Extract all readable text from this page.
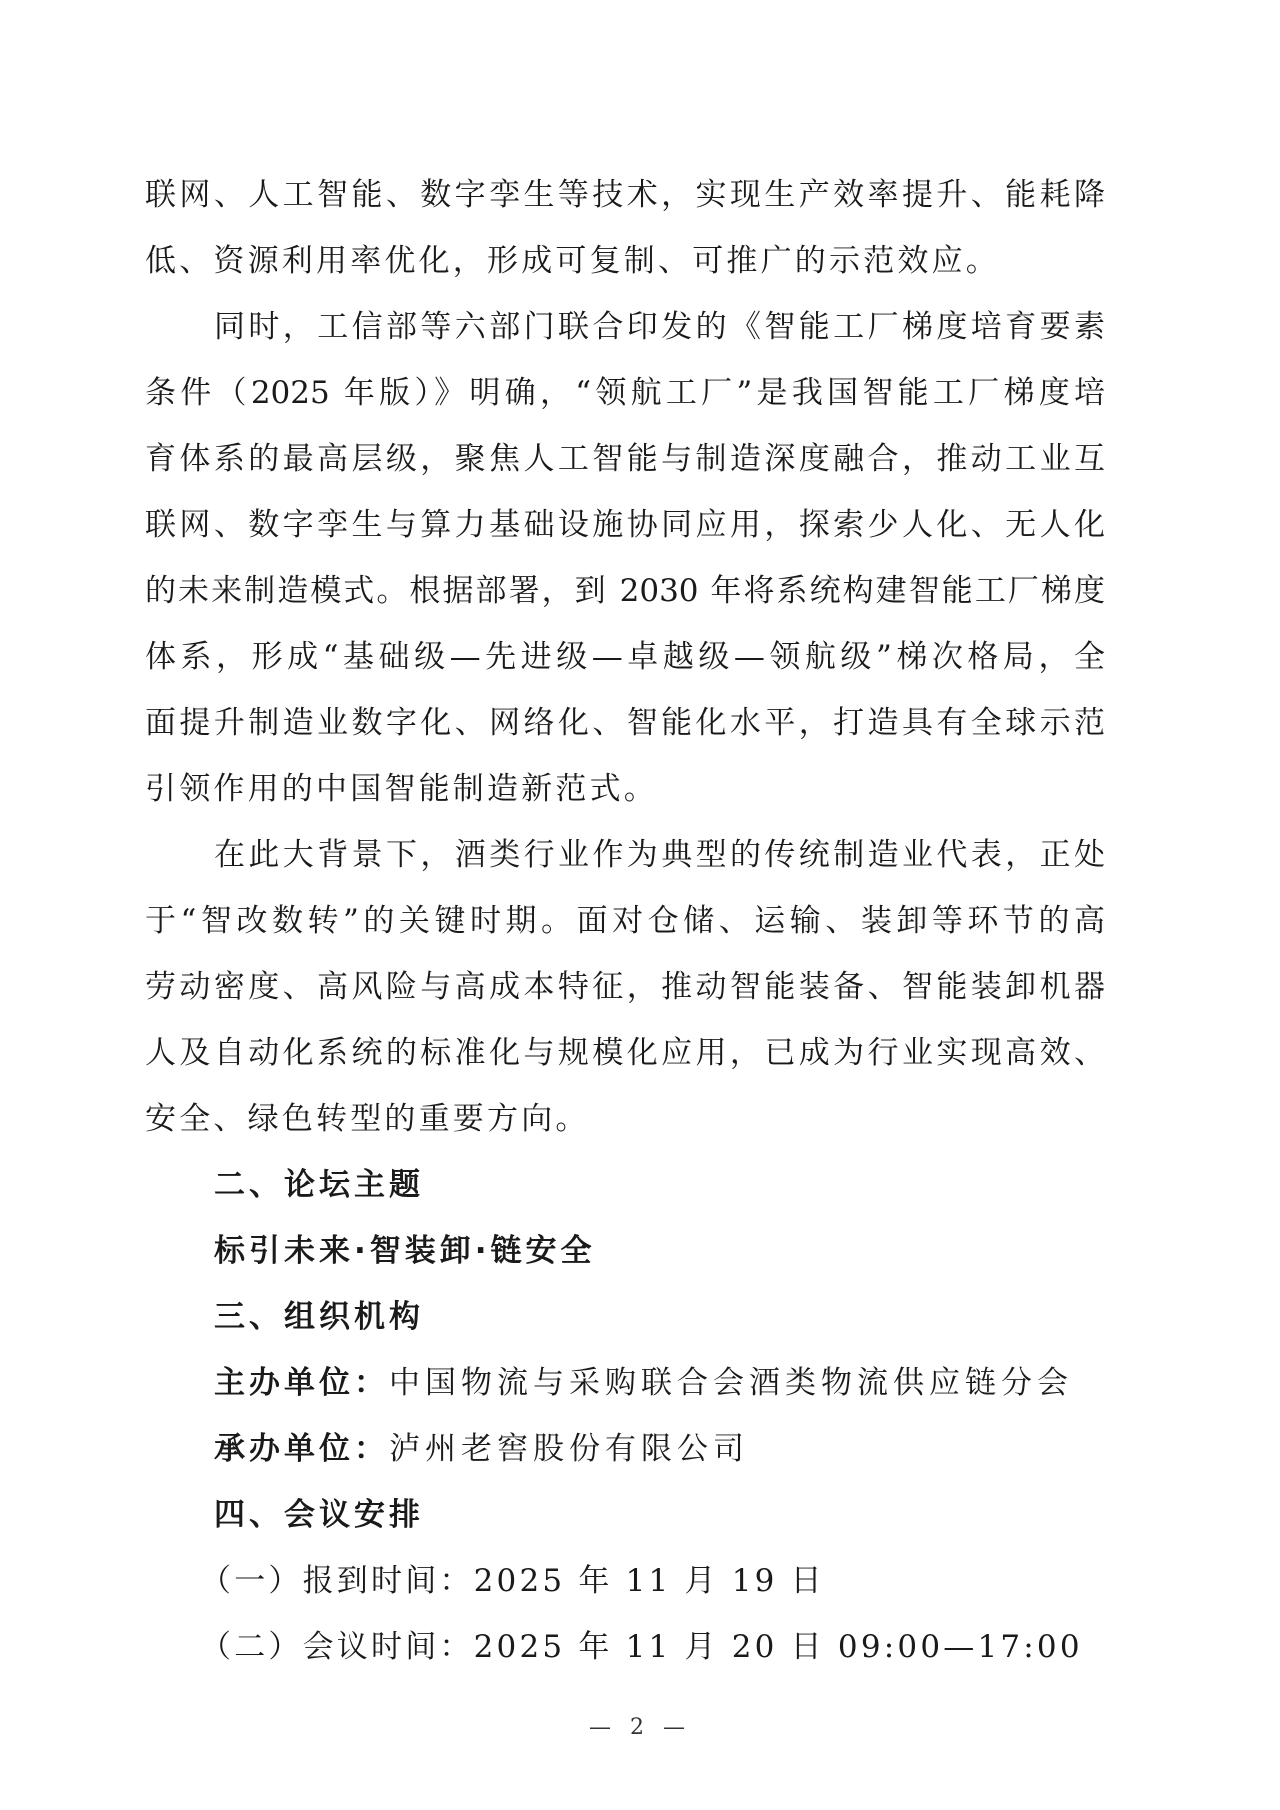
联网、人工智能、数字孪生等技术，实现生产效率提升、能耗降
低、资源利用率优化，形成可复制、可推广的示范效应。
同时，工信部等六部门联合印发的《智能工厂梯度培育要素
条件（2025 年版）》明确，“领航工厂”是我国智能工厂梯度培
育体系的最高层级，聚焦人工智能与制造深度融合，推动工业互
联网、数字孪生与算力基础设施协同应用，探索少人化、无人化
的未来制造模式。根据部署，到 2030 年将系统构建智能工厂梯度
体系，形成“基础级—先进级—卓越级—领航级”梯次格局，全
面提升制造业数字化、网络化、智能化水平，打造具有全球示范
引领作用的中国智能制造新范式。
在此大背景下，酒类行业作为典型的传统制造业代表，正处
于“智改数转”的关键时期。面对仓储、运输、装卸等环节的高
劳动密度、高风险与高成本特征，推动智能装备、智能装卸机器
人及自动化系统的标准化与规模化应用，已成为行业实现高效、
安全、绿色转型的重要方向。
二、论坛主题
标引未来·智装卸·链安全
三、组织机构
主办单位：中国物流与采购联合会酒类物流供应链分会
承办单位：泸州老窖股份有限公司
四、会议安排
（一）报到时间：2025 年 11 月 19 日
（二）会议时间：2025 年 11 月 20 日 09:00—17:00
— 2 —
